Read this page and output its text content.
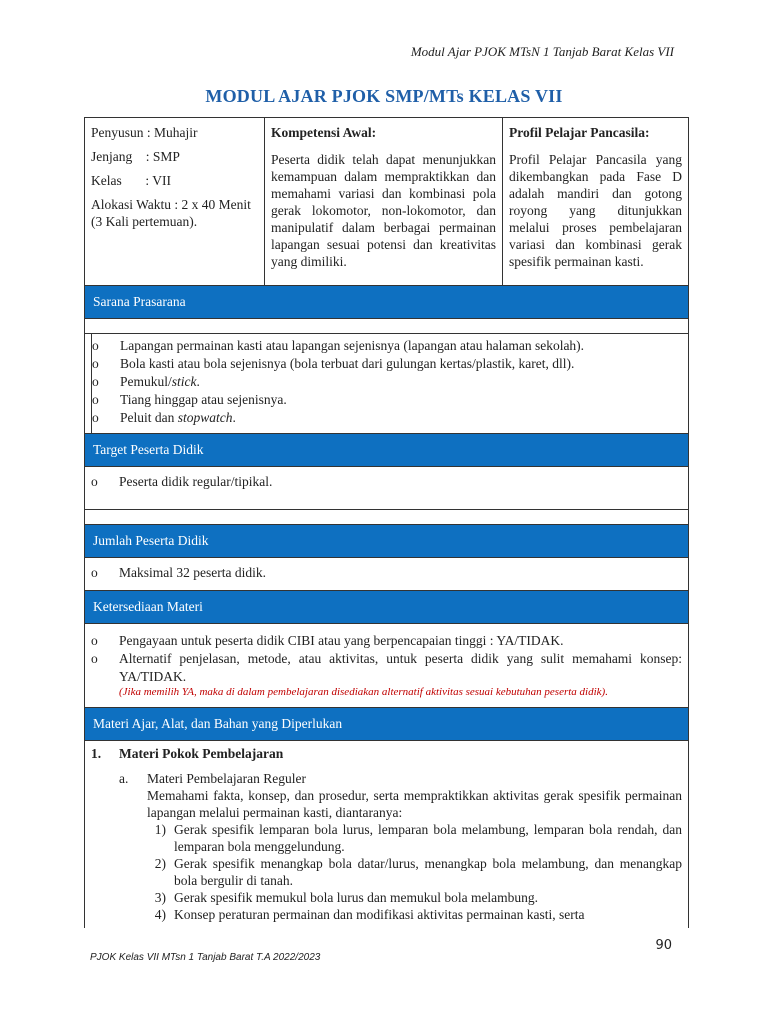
Modul Ajar PJOK MTsN 1 Tanjab Barat Kelas VII
MODUL AJAR PJOK SMP/MTs KELAS VII
Penyusun : Muhajir
Jenjang    : SMP
Kelas       : VII
Alokasi Waktu : 2 x 40 Menit (3 Kali pertemuan).
Kompetensi Awal:
Peserta didik telah dapat menunjukkan kemampuan dalam mempraktikkan dan memahami variasi dan kombinasi pola gerak lokomotor, non-lokomotor, dan manipulatif dalam berbagai permainan lapangan sesuai potensi dan kreativitas yang dimiliki.
Profil Pelajar Pancasila:
Profil Pelajar Pancasila yang dikembangkan pada Fase D adalah mandiri dan gotong royong yang ditunjukkan melalui proses pembelajaran variasi dan kombinasi gerak spesifik permainan kasti.
Sarana Prasarana
o	Lapangan permainan kasti atau lapangan sejenisnya (lapangan atau halaman sekolah).
o	Bola kasti atau bola sejenisnya (bola terbuat dari gulungan kertas/plastik, karet, dll).
o	Pemukul/stick.
o	Tiang hinggap atau sejenisnya.
o	Peluit dan stopwatch.
Target Peserta Didik
o	Peserta didik regular/tipikal.
Jumlah Peserta Didik
o	Maksimal 32 peserta didik.
Ketersediaan Materi
o	Pengayaan untuk peserta didik CIBI atau yang berpencapaian tinggi : YA/TIDAK.
o	Alternatif penjelasan, metode, atau aktivitas, untuk peserta didik yang sulit memahami konsep: YA/TIDAK.
(Jika memilih YA, maka di dalam pembelajaran disediakan alternatif aktivitas sesuai kebutuhan peserta didik).
Materi Ajar, Alat, dan Bahan yang Diperlukan
1.	Materi Pokok Pembelajaran
a.	Materi Pembelajaran Reguler
Memahami fakta, konsep, dan prosedur, serta mempraktikkan aktivitas gerak spesifik permainan lapangan melalui permainan kasti, diantaranya:
1) Gerak spesifik lemparan bola lurus, lemparan bola melambung, lemparan bola rendah, dan lemparan bola menggelundung.
2) Gerak spesifik menangkap bola datar/lurus, menangkap bola melambung, dan menangkap bola bergulir di tanah.
3) Gerak spesifik memukul bola lurus dan memukul bola melambung.
4) Konsep peraturan permainan dan modifikasi aktivitas permainan kasti, serta
90
PJOK Kelas VII MTsn 1 Tanjab Barat T.A 2022/2023
